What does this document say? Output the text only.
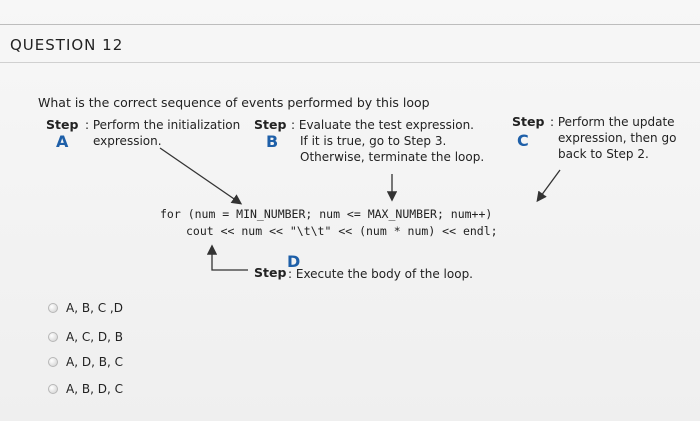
QUESTION 12
What is the correct sequence of events performed by this loop
Step
A
: Perform the initialization
expression.
Step
B
: Evaluate the test expression.
If it is true, go to Step 3.
Otherwise, terminate the loop.
Step
C
: Perform the update
expression, then go
back to Step 2.
for (num = MIN_NUMBER; num <= MAX_NUMBER; num++)
cout << num << "\t\t" << (num * num) << endl;
Step
D
: Execute the body of the loop.
A, B, C ,D
A, C, D, B
A, D, B, C
A, B, D, C
